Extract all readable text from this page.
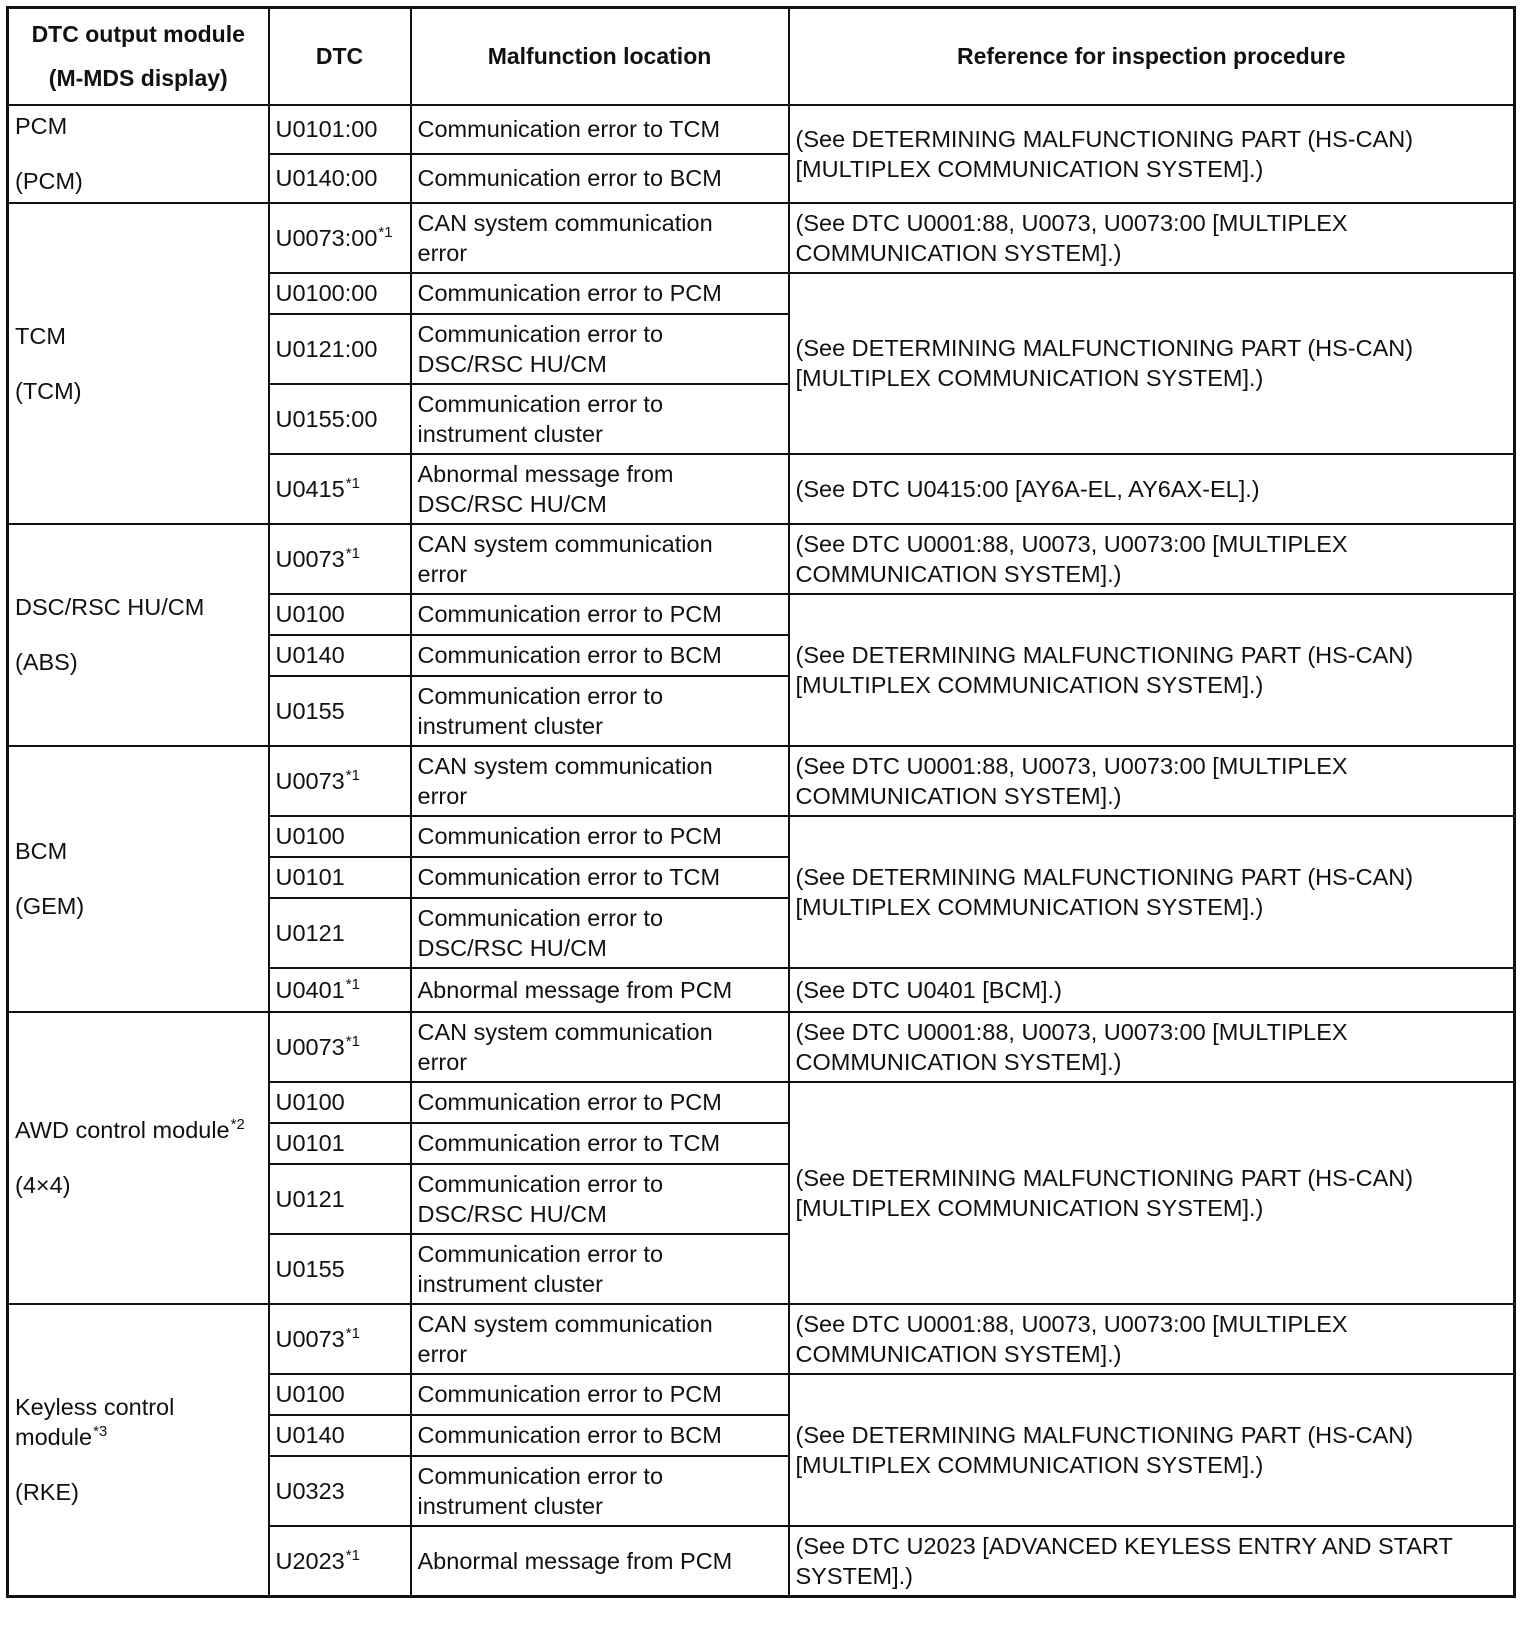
DTC output module
(M-MDS display)	DTC	Malfunction location	Reference for inspection procedure

PCM
(PCM)	U0101:00	Communication error to TCM	(See DETERMINING MALFUNCTIONING PART (HS-CAN)
[MULTIPLEX COMMUNICATION SYSTEM].)
	U0140:00	Communication error to BCM	

TCM
(TCM)	U0073:00$^{*1}$	CAN system communication
error	(See DTC U0001:88, U0073, U0073:00 [MULTIPLEX
COMMUNICATION SYSTEM].)
	U0100:00	Communication error to PCM	(See DETERMINING MALFUNCTIONING PART (HS-CAN)
[MULTIPLEX COMMUNICATION SYSTEM].)
	U0121:00	Communication error to
DSC/RSC HU/CM	
	U0155:00	Communication error to
instrument cluster	
	U0415$^{*1}$	Abnormal message from
DSC/RSC HU/CM	(See DTC U0415:00 [AY6A-EL, AY6AX-EL].)

DSC/RSC HU/CM
(ABS)	U0073$^{*1}$	CAN system communication
error	(See DTC U0001:88, U0073, U0073:00 [MULTIPLEX
COMMUNICATION SYSTEM].)
	U0100	Communication error to PCM	(See DETERMINING MALFUNCTIONING PART (HS-CAN)
[MULTIPLEX COMMUNICATION SYSTEM].)
	U0140	Communication error to BCM	
	U0155	Communication error to
instrument cluster	

BCM
(GEM)	U0073$^{*1}$	CAN system communication
error	(See DTC U0001:88, U0073, U0073:00 [MULTIPLEX
COMMUNICATION SYSTEM].)
	U0100	Communication error to PCM	(See DETERMINING MALFUNCTIONING PART (HS-CAN)
[MULTIPLEX COMMUNICATION SYSTEM].)
	U0101	Communication error to TCM	
	U0121	Communication error to
DSC/RSC HU/CM	
	U0401$^{*1}$	Abnormal message from PCM	(See DTC U0401 [BCM].)

AWD control module$^{*2}$
(4×4)	U0073$^{*1}$	CAN system communication
error	(See DTC U0001:88, U0073, U0073:00 [MULTIPLEX
COMMUNICATION SYSTEM].)
	U0100	Communication error to PCM	(See DETERMINING MALFUNCTIONING PART (HS-CAN)
[MULTIPLEX COMMUNICATION SYSTEM].)
	U0101	Communication error to TCM	
	U0121	Communication error to
DSC/RSC HU/CM	
	U0155	Communication error to
instrument cluster	

Keyless control
module$^{*3}$
(RKE)	U0073$^{*1}$	CAN system communication
error	(See DTC U0001:88, U0073, U0073:00 [MULTIPLEX
COMMUNICATION SYSTEM].)
	U0100	Communication error to PCM	(See DETERMINING MALFUNCTIONING PART (HS-CAN)
[MULTIPLEX COMMUNICATION SYSTEM].)
	U0140	Communication error to BCM	
	U0323	Communication error to
instrument cluster	
	U2023$^{*1}$	Abnormal message from PCM	(See DTC U2023 [ADVANCED KEYLESS ENTRY AND START
SYSTEM].)
